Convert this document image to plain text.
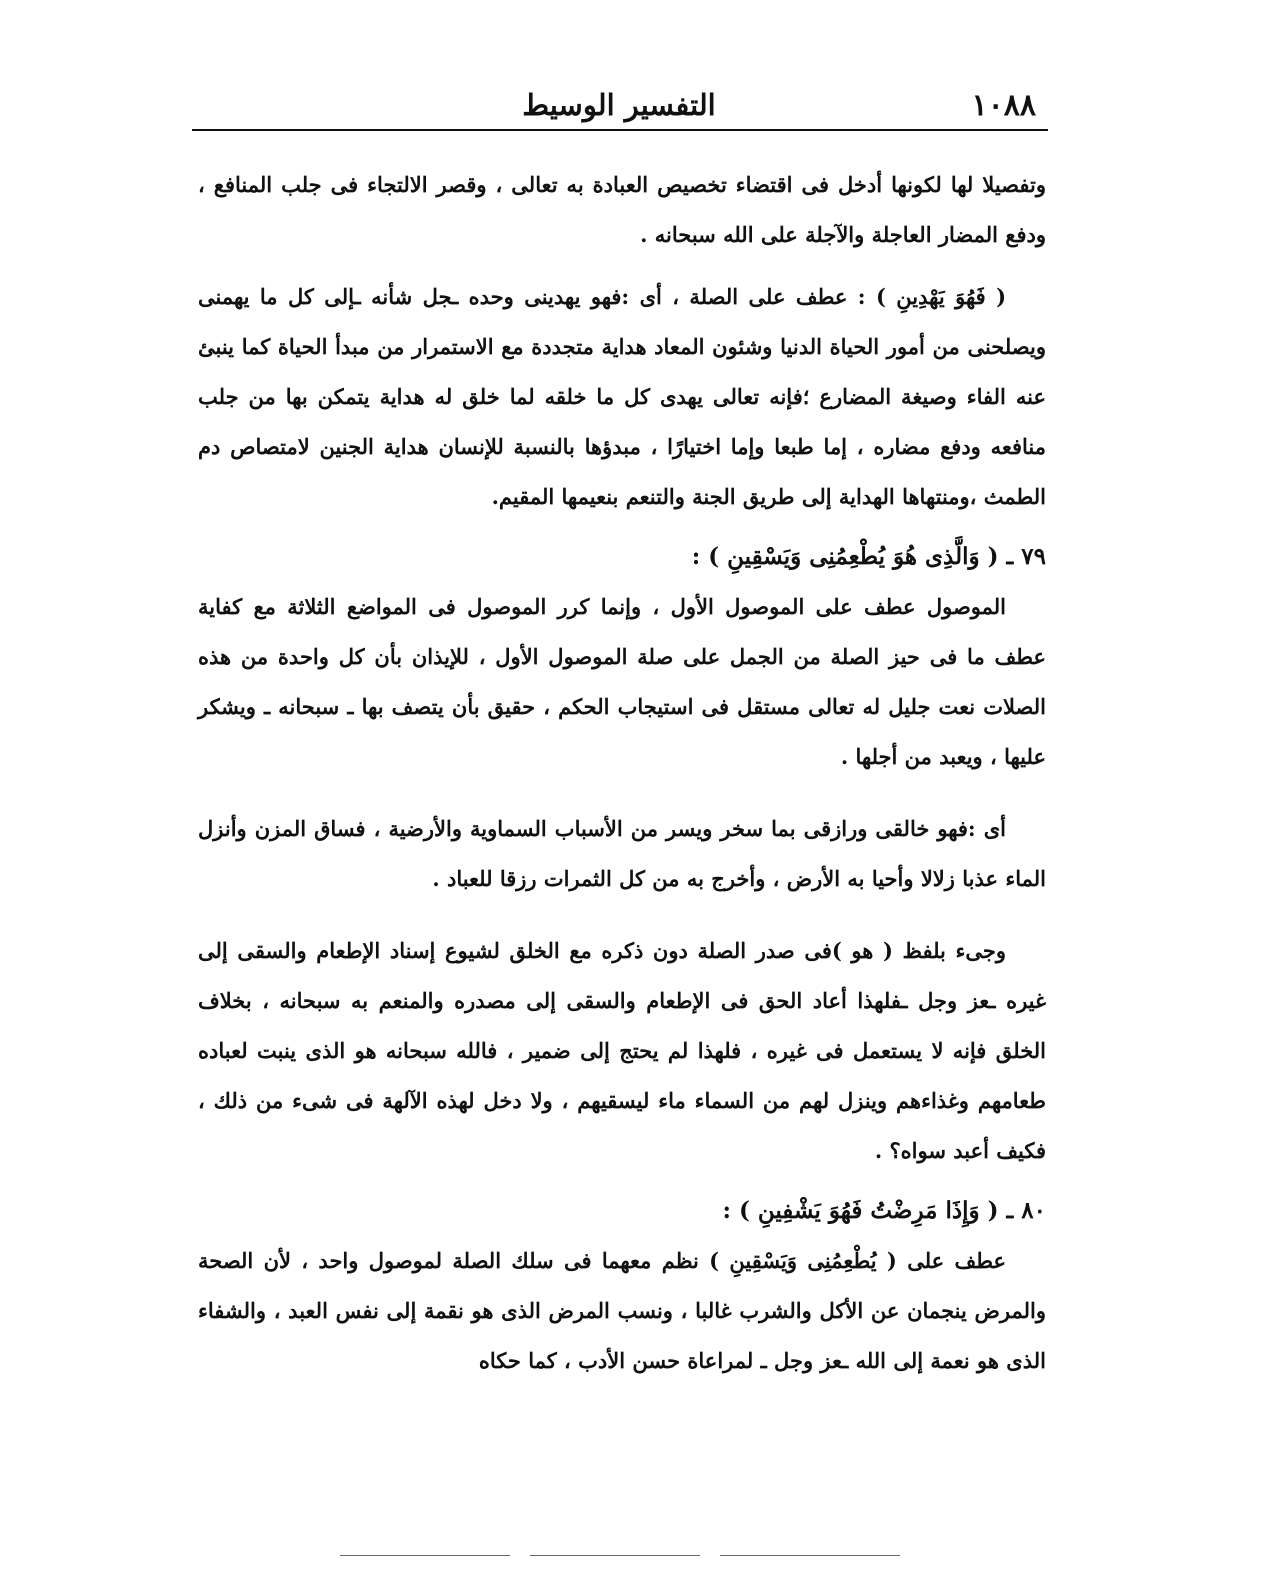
١٠٨٨
التفسير الوسيط

وتفصيلا لها لكونها أدخل فى اقتضاء تخصيص العبادة به تعالى ، وقصر الالتجاء فى جلب المنافع ، ودفع المضار العاجلة والآجلة على الله سبحانه .

( فَهُوَ يَهْدِينِ ) : عطف على الصلة ، أى :فهو يهدينى وحده ـجل شأنه ـإلى كل ما يهمنى ويصلحنى من أمور الحياة الدنيا وشئون المعاد هداية متجددة مع الاستمرار من مبدأ الحياة كما ينبئ عنه الفاء وصيغة المضارع ؛فإنه تعالى يهدى كل ما خلقه لما خلق له هداية يتمكن بها من جلب منافعه ودفع مضاره ، إما طبعا وإما اختيارًا ، مبدؤها بالنسبة للإنسان هداية الجنين لامتصاص دم الطمث ،ومنتهاها الهداية إلى طريق الجنة والتنعم بنعيمها المقيم.

٧٩ ـ ( وَالَّذِى هُوَ يُطْعِمُنِى وَيَسْقِينِ ) :

الموصول عطف على الموصول الأول ، وإنما كرر الموصول فى المواضع الثلاثة مع كفاية عطف ما فى حيز الصلة من الجمل على صلة الموصول الأول ، للإيذان بأن كل واحدة من هذه الصلات نعت جليل له تعالى مستقل فى استيجاب الحكم ، حقيق بأن يتصف بها ـ سبحانه ـ ويشكر عليها ، ويعبد من أجلها .

أى :فهو خالقى ورازقى بما سخر ويسر من الأسباب السماوية والأرضية ، فساق المزن وأنزل الماء عذبا زلالا وأحيا به الأرض ، وأخرج به من كل الثمرات رزقا للعباد .

وجىء بلفظ ( هو )فى صدر الصلة دون ذكره مع الخلق لشيوع إسناد الإطعام والسقى إلى غيره ـعز وجل ـفلهذا أعاد الحق فى الإطعام والسقى إلى مصدره والمنعم به سبحانه ، بخلاف الخلق فإنه لا يستعمل فى غيره ، فلهذا لم يحتج إلى ضمير ، فالله سبحانه هو الذى ينبت لعباده طعامهم وغذاءهم وينزل لهم من السماء ماء ليسقيهم ، ولا دخل لهذه الآلهة فى شىء من ذلك ، فكيف أعبد سواه؟ .

٨٠ ـ ( وَإِذَا مَرِضْتُ فَهُوَ يَشْفِينِ ) :

عطف على ( يُطْعِمُنِى وَيَسْقِينِ ) نظم معهما فى سلك الصلة لموصول واحد ، لأن الصحة والمرض ينجمان عن الأكل والشرب غالبا ، ونسب المرض الذى هو نقمة إلى نفس العبد ، والشفاء الذى هو نعمة إلى الله ـعز وجل ـ لمراعاة حسن الأدب ، كما حكاه
